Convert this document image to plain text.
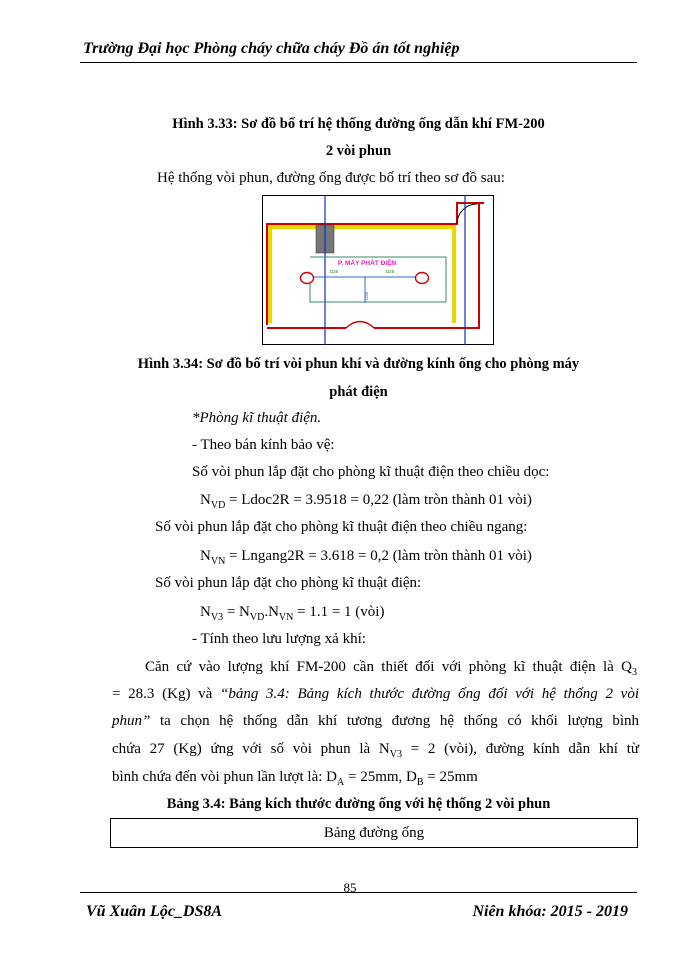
Trường Đại học Phòng cháy chữa cháy Đồ án tốt nghiệp
Hình 3.33: Sơ đồ bố trí hệ thống đường ống dẫn khí FM-200
2 vòi phun
Hệ thống vòi phun, đường ống được bố trí theo sơ đồ sau:
P. MÁY PHÁT ĐIỆN
D25	D25
D25
Hình 3.34: Sơ đồ bố trí vòi phun khí và đường kính ống cho phòng máy
phát điện
*Phòng kĩ thuật điện.
- Theo bán kính bảo vệ:
Số vòi phun lắp đặt cho phòng kĩ thuật điện theo chiều dọc:
$N_{VD}$ = Ldoc2R = 3.9518 = 0,22 (làm tròn thành 01 vòi)
Số vòi phun lắp đặt cho phòng kĩ thuật điện theo chiều ngang:
$N_{VN}$ = Lngang2R = 3.618 = 0,2 (làm tròn thành 01 vòi)
Số vòi phun lắp đặt cho phòng kĩ thuật điện:
$N_{V3} = N_{VD}.N_{VN} = 1.1 = 1$ (vòi)
- Tính theo lưu lượng xả khí:
Căn cứ vào lượng khí FM-200 cần thiết đối với phòng kĩ thuật điện là $Q_3$
= 28.3 (Kg) và “bảng 3.4: Bảng kích thước đường ống đối với hệ thống 2 vòi
phun” ta chọn hệ thống dẫn khí tương đương hệ thống có khối lượng bình
chứa 27 (Kg) ứng với số vòi phun là $N_{V3} = 2$ (vòi), đường kính dẫn khí từ
bình chứa đến vòi phun lần lượt là: $D_A = 25mm$, $D_B = 25mm$
Bảng 3.4: Bảng kích thước đường ống với hệ thống 2 vòi phun
Bảng đường ống
85
Vũ Xuân Lộc_DS8A	Niên khóa: 2015 - 2019
